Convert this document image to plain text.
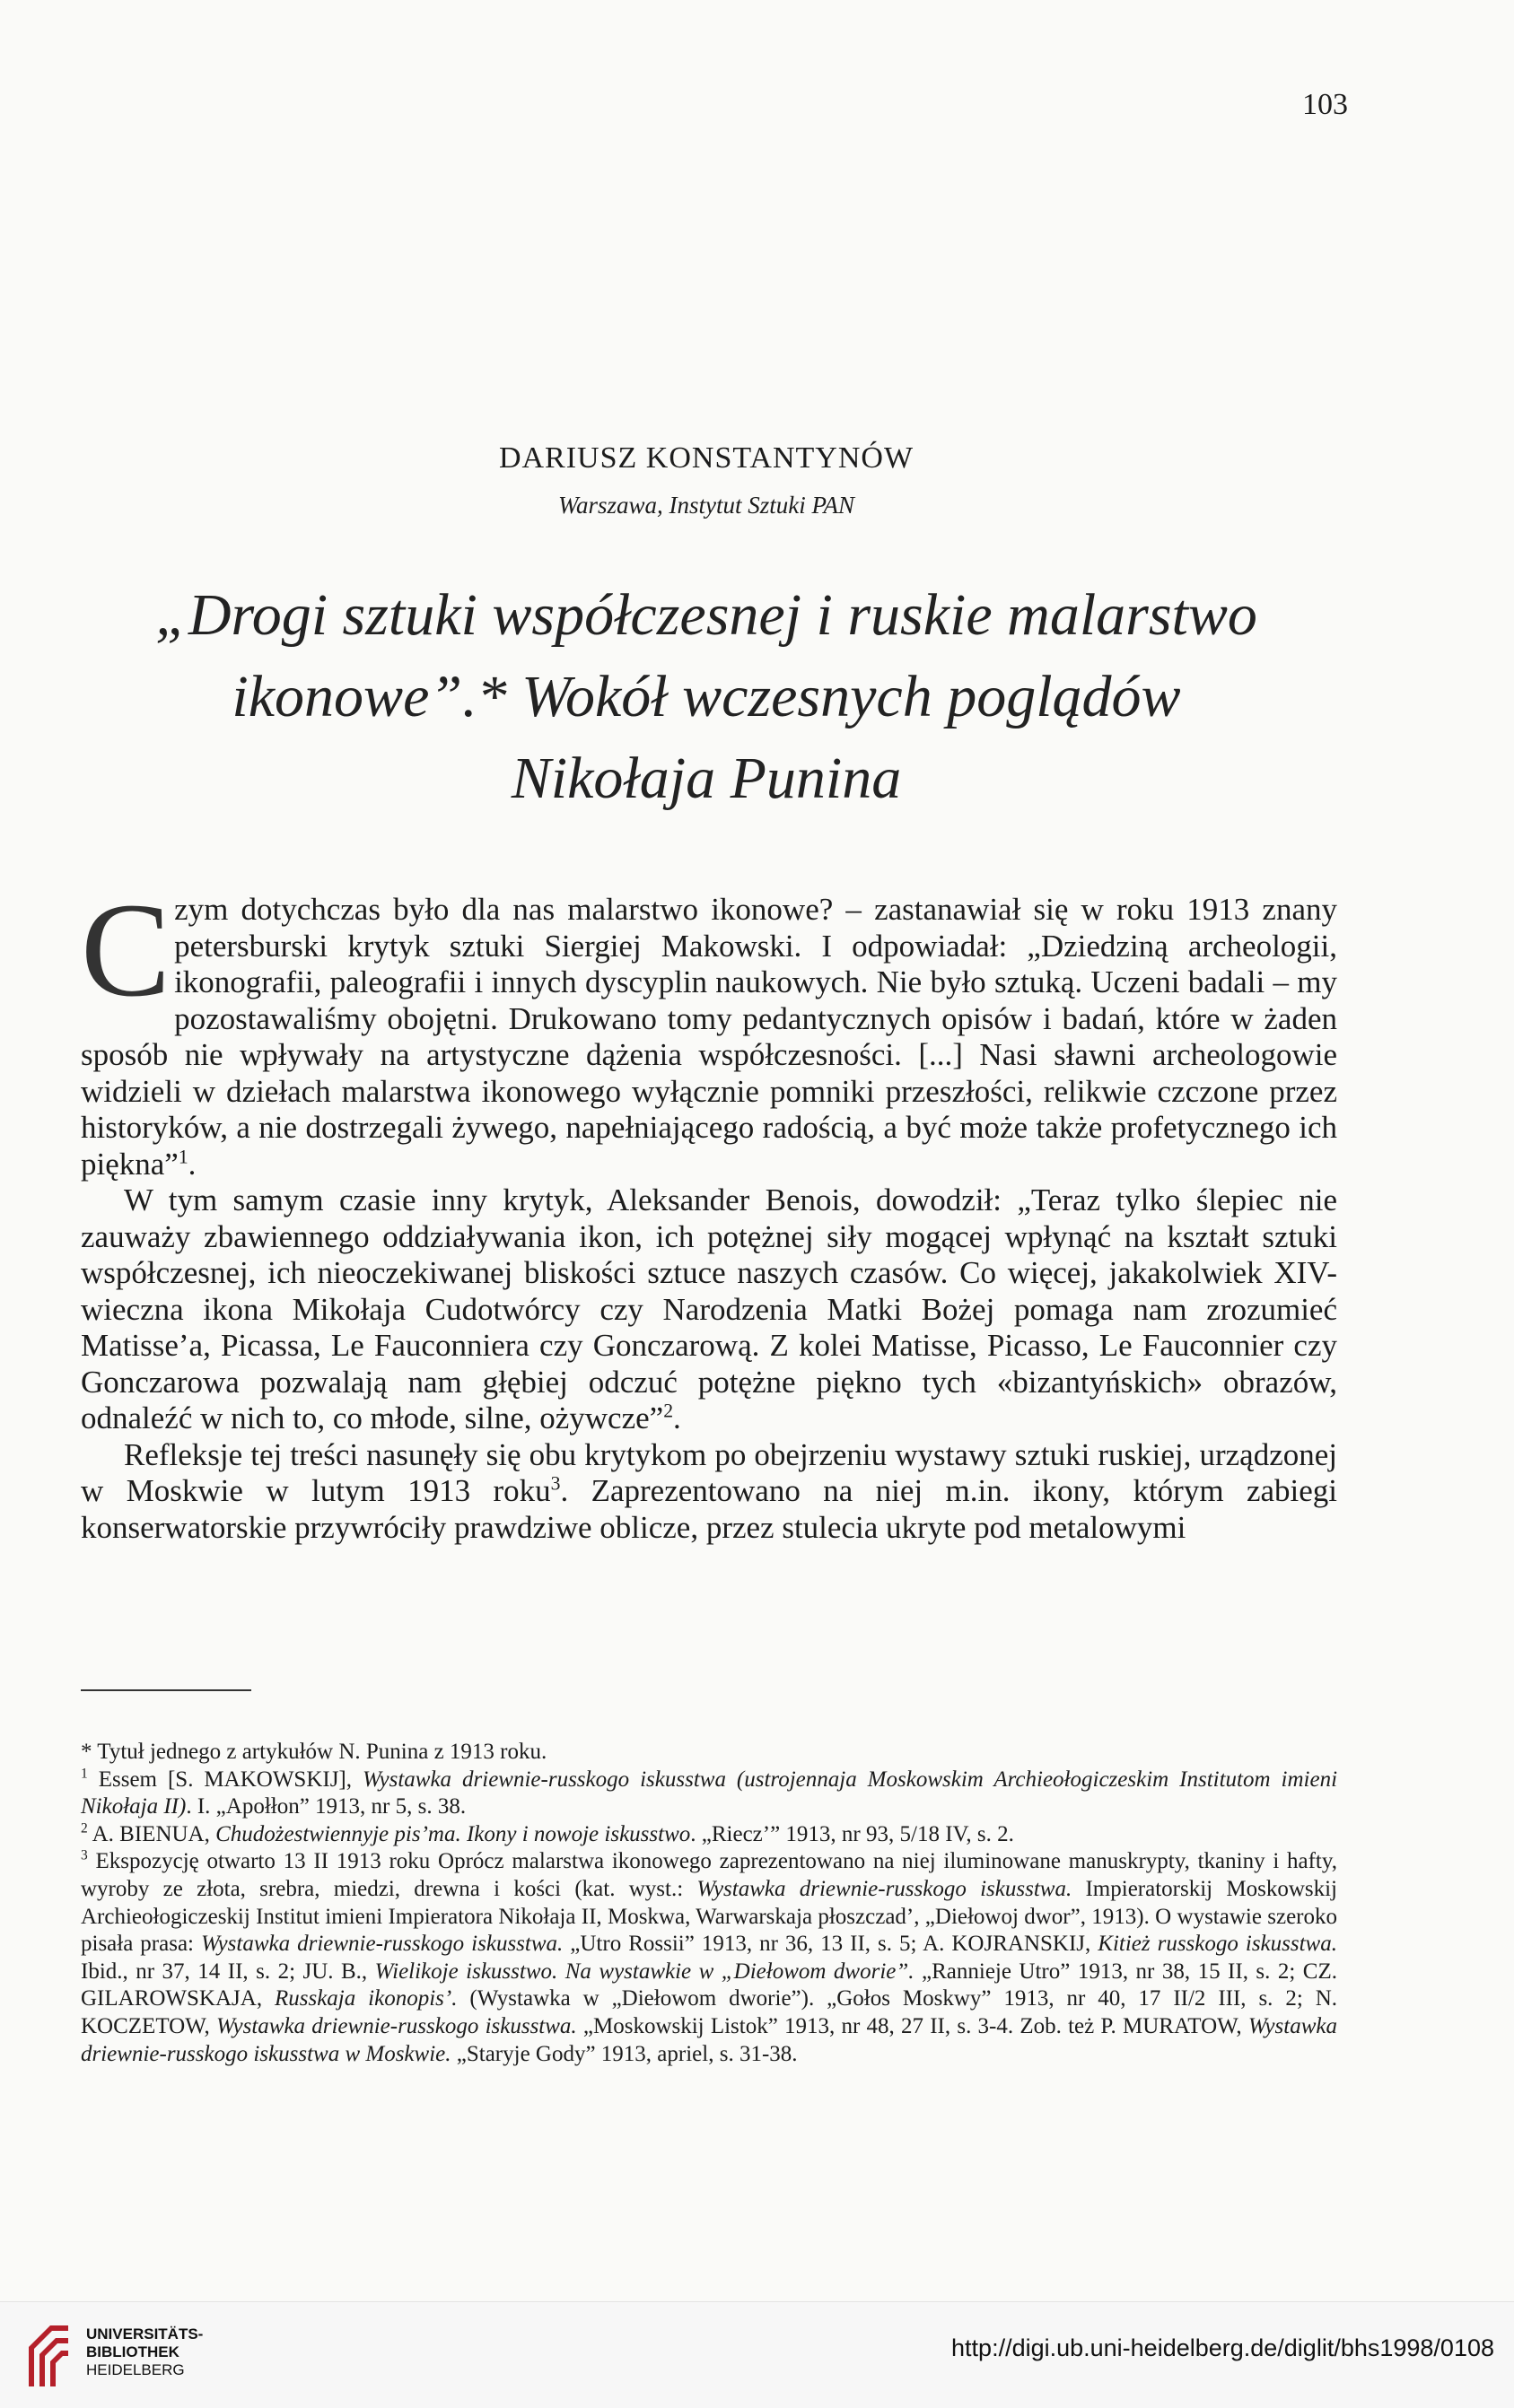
103
DARIUSZ KONSTANTYNÓW
Warszawa, Instytut Sztuki PAN
„Drogi sztuki współczesnej i ruskie malarstwo
ikonowe”.* Wokół wczesnych poglądów
Nikołaja Punina

Czym dotychczas było dla nas malarstwo ikonowe? – zastanawiał się w roku 1913 znany petersburski krytyk sztuki Siergiej Makowski. I odpowiadał: „Dziedziną archeologii, ikonografii, paleografii i innych dyscyplin naukowych. Nie było sztuką. Uczeni badali – my pozostawaliśmy obojętni. Drukowano tomy pedantycznych opisów i badań, które w żaden sposób nie wpływały na artystyczne dążenia współczesności. [...] Nasi sławni archeologowie widzieli w dziełach malarstwa ikonowego wyłącznie pomniki przeszłości, relikwie czczone przez historyków, a nie dostrzegali żywego, napełniającego radością, a być może także profetycznego ich piękna”$^1$.

W tym samym czasie inny krytyk, Aleksander Benois, dowodził: „Teraz tylko ślepiec nie zauważy zbawiennego oddziaływania ikon, ich potężnej siły mogącej wpłynąć na kształt sztuki współczesnej, ich nieoczekiwanej bliskości sztuce naszych czasów. Co więcej, jakakolwiek XIV-wieczna ikona Mikołaja Cudotwórcy czy Narodzenia Matki Bożej pomaga nam zrozumieć Matisse’a, Picassa, Le Fauconniera czy Gonczarową. Z kolei Matisse, Picasso, Le Fauconnier czy Gonczarowa pozwalają nam głębiej odczuć potężne piękno tych «bizantyńskich» obrazów, odnaleźć w nich to, co młode, silne, ożywcze”$^2$.

Refleksje tej treści nasunęły się obu krytykom po obejrzeniu wystawy sztuki ruskiej, urządzonej w Moskwie w lutym 1913 roku$^3$. Zaprezentowano na niej m.in. ikony, którym zabiegi konserwatorskie przywróciły prawdziwe oblicze, przez stulecia ukryte pod metalowymi

* Tytuł jednego z artykułów N. Punina z 1913 roku.

$^1$ Essem [S. MAKOWSKIJ], Wystawka driewnie-russkogo iskusstwa (ustrojennaja Moskowskim Archieołogiczeskim Institutom imieni Nikołaja II). I. „Apołłon” 1913, nr 5, s. 38.

$^2$ A. BIENUA, Chudożestwiennyje pis’ma. Ikony i nowoje iskusstwo. „Riecz’” 1913, nr 93, 5/18 IV, s. 2.

$^3$ Ekspozycję otwarto 13 II 1913 roku Oprócz malarstwa ikonowego zaprezentowano na niej iluminowane manuskrypty, tkaniny i hafty, wyroby ze złota, srebra, miedzi, drewna i kości (kat. wyst.: Wystawka driewnie-russkogo iskusstwa. Impieratorskij Moskowskij Archieołogiczeskij Institut imieni Impieratora Nikołaja II, Moskwa, Warwarskaja płoszczad’, „Diełowoj dwor”, 1913). O wystawie szeroko pisała prasa: Wystawka driewnie-russkogo iskusstwa. „Utro Rossii” 1913, nr 36, 13 II, s. 5; A. KOJRANSKIJ, Kitież russkogo iskusstwa. Ibid., nr 37, 14 II, s. 2; JU. B., Wielikoje iskusstwo. Na wystawkie w „Diełowom dworie”. „Rannieje Utro” 1913, nr 38, 15 II, s. 2; CZ. GILAROWSKAJA, Russkaja ikonopis’. (Wystawka w „Diełowom dworie”). „Gołos Moskwy” 1913, nr 40, 17 II/2 III, s. 2; N. KOCZETOW, Wystawka driewnie-russkogo iskusstwa. „Moskowskij Listok” 1913, nr 48, 27 II, s. 3-4. Zob. też P. MURATOW, Wystawka driewnie-russkogo iskusstwa w Moskwie. „Staryje Gody” 1913, apriel, s. 31-38.

UNIVERSITÄTS-
BIBLIOTHEK
HEIDELBERG
http://digi.ub.uni-heidelberg.de/diglit/bhs1998/0108
